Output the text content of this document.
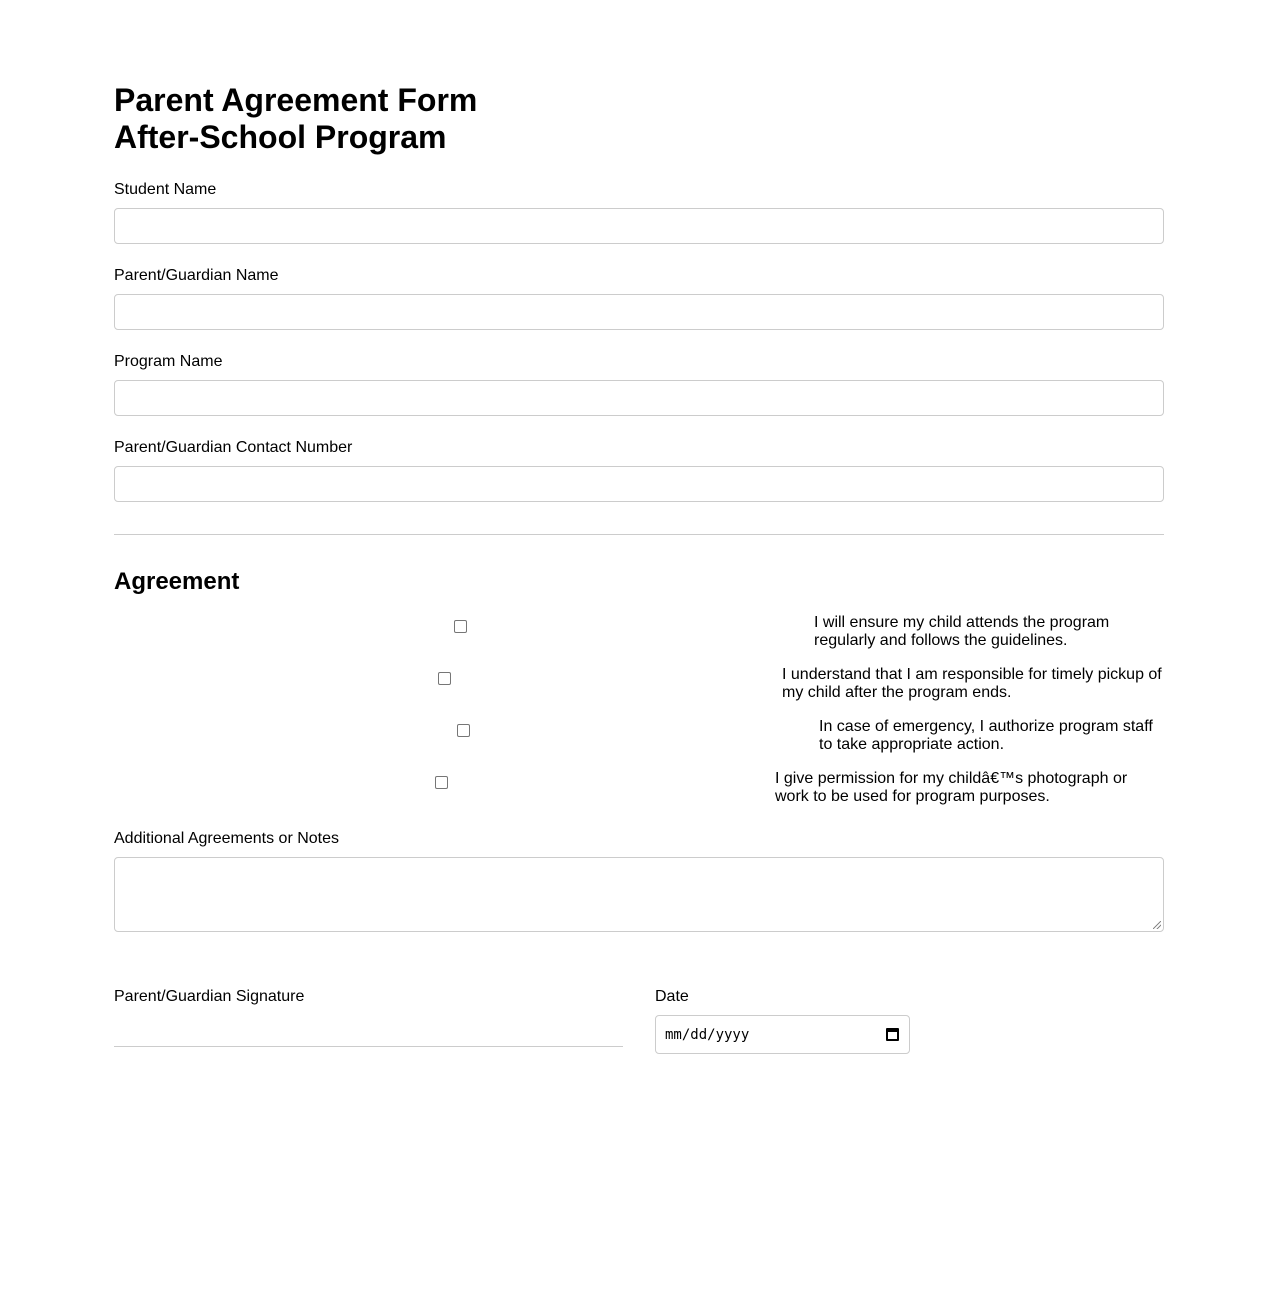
Parent Agreement Form
After-School Program
Student Name
Parent/Guardian Name
Program Name
Parent/Guardian Contact Number
Agreement
I will ensure my child attends the program regularly and follows the guidelines.
I understand that I am responsible for timely pickup of my child after the program ends.
In case of emergency, I authorize program staff to take appropriate action.
I give permission for my childâ€™s photograph or work to be used for program purposes.
Additional Agreements or Notes
Parent/Guardian Signature	Date
mm/dd/yyyy
